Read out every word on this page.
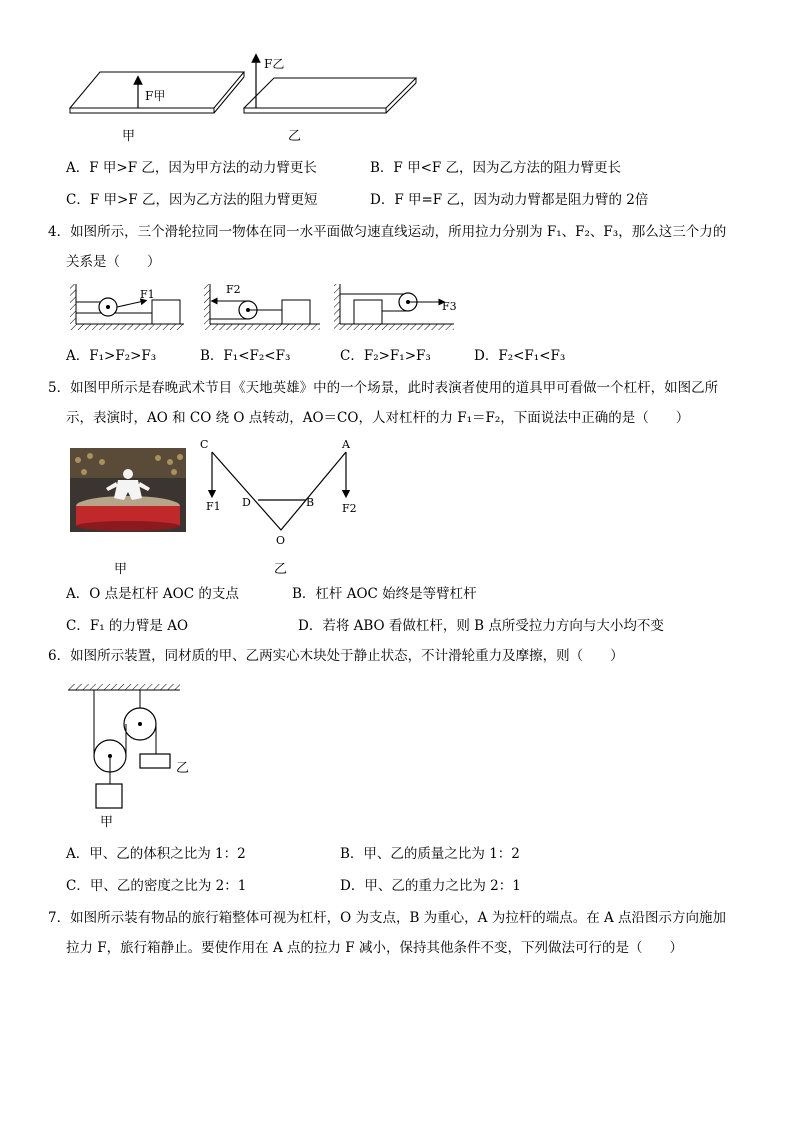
F甲
F乙
甲	乙
A．F 甲>F 乙，因为甲方法的动力臂更长	B．F 甲<F 乙，因为乙方法的阻力臂更长
C．F 甲>F 乙，因为乙方法的阻力臂更短	D．F 甲=F 乙，因为动力臂都是阻力臂的 2倍
4．如图所示，三个滑轮拉同一物体在同一水平面做匀速直线运动，所用拉力分别为 F₁、F₂、F₃，那么这三个力的
关系是（　　）
F1	F2
F3
A．F₁>F₂>F₃	B．F₁<F₂<F₃	C．F₂>F₁>F₃	D．F₂<F₁<F₃
5．如图甲所示是春晚武术节目《天地英雄》中的一个场景，此时表演者使用的道具甲可看做一个杠杆，如图乙所
示，表演时，AO 和 CO 绕 O 点转动，AO＝CO，人对杠杆的力 F₁＝F₂，下面说法中正确的是（　　）
甲
C	A
D	B
O
F1	F2
乙
A．O 点是杠杆 AOC 的支点	B．杠杆 AOC 始终是等臂杠杆
C．F₁ 的力臂是 AO	D．若将 ABO 看做杠杆，则 B 点所受拉力方向与大小均不变
6．如图所示装置，同材质的甲、乙两实心木块处于静止状态，不计滑轮重力及摩擦，则（　　）
乙
甲
A．甲、乙的体积之比为 1：2	B．甲、乙的质量之比为 1：2
C．甲、乙的密度之比为 2：1	D．甲、乙的重力之比为 2：1
7．如图所示装有物品的旅行箱整体可视为杠杆，O 为支点，B 为重心，A 为拉杆的端点。在 A 点沿图示方向施加
拉力 F，旅行箱静止。要使作用在 A 点的拉力 F 减小，保持其他条件不变，下列做法可行的是（　　）
